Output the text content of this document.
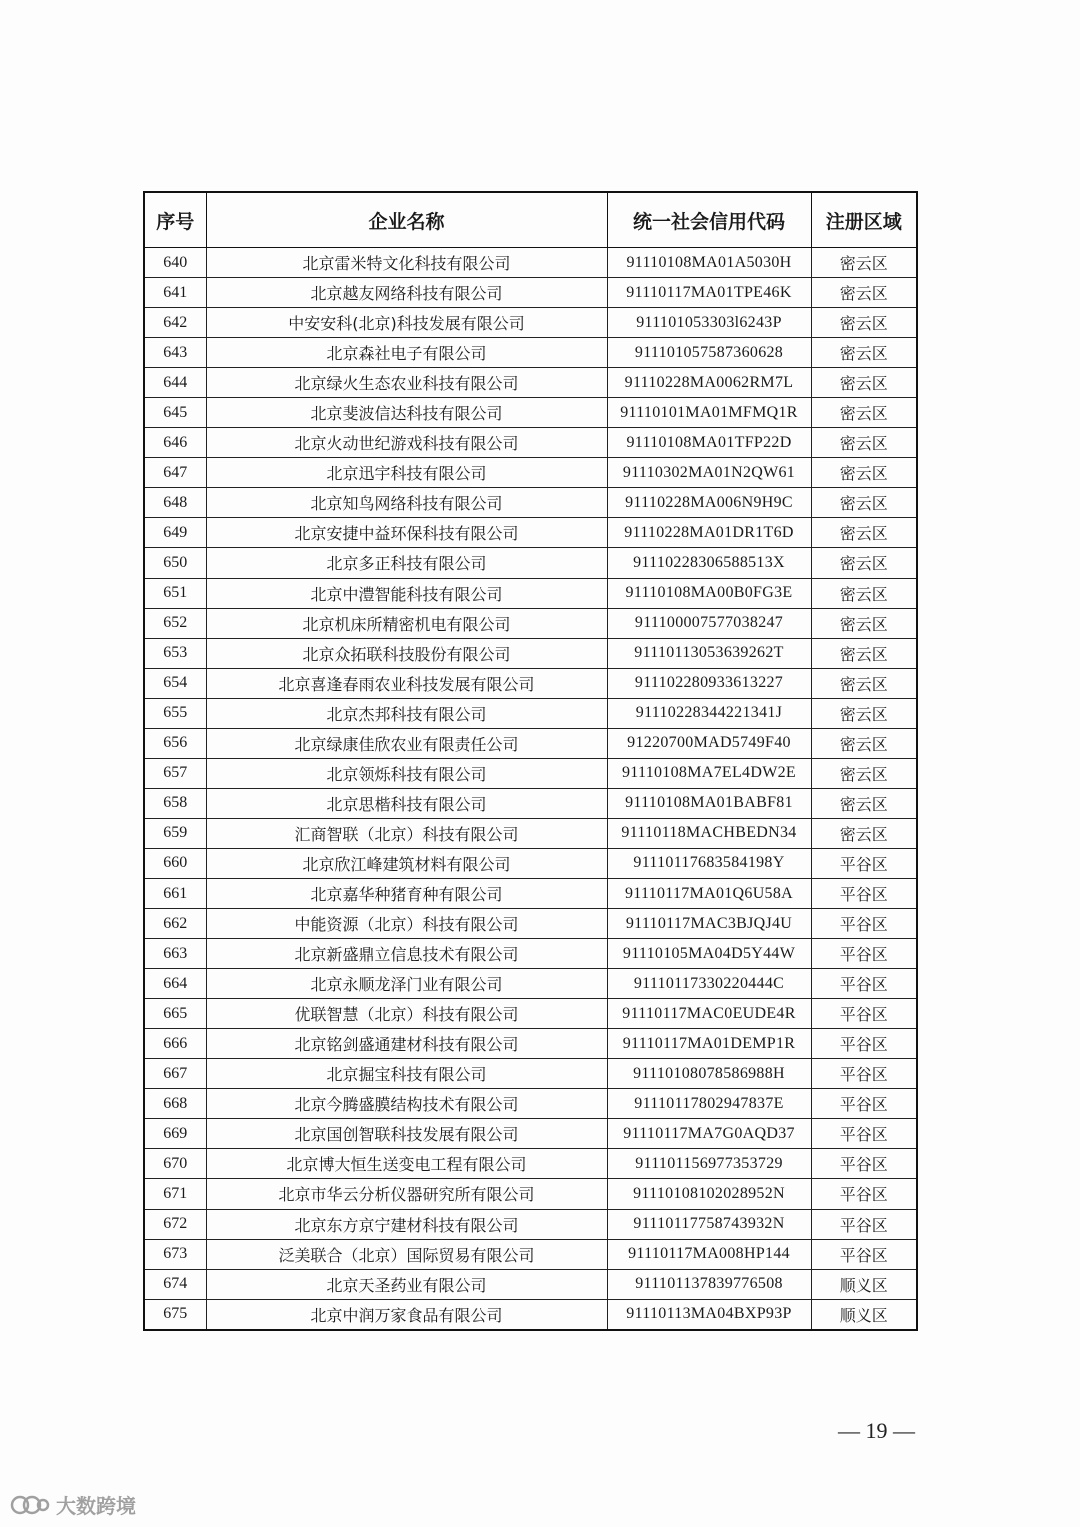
序号	企业名称	统一社会信用代码	注册区域
640	北京雷米特文化科技有限公司	91110108MA01A5030H	密云区
641	北京越友网络科技有限公司	91110117MA01TPE46K	密云区
642	中安安科(北京)科技发展有限公司	911101053303l6243P	密云区
643	北京森社电子有限公司	911101057587360628	密云区
644	北京绿火生态农业科技有限公司	91110228MA0062RM7L	密云区
645	北京斐波信达科技有限公司	91110101MA01MFMQ1R	密云区
646	北京火动世纪游戏科技有限公司	91110108MA01TFP22D	密云区
647	北京迅宇科技有限公司	91110302MA01N2QW61	密云区
648	北京知鸟网络科技有限公司	91110228MA006N9H9C	密云区
649	北京安捷中益环保科技有限公司	91110228MA01DR1T6D	密云区
650	北京多正科技有限公司	9111022830658851​3X	密云区
651	北京中澧智能科技有限公司	91110108MA00B0FG3E	密云区
652	北京机床所精密机电有限公司	911100007577038247	密云区
653	北京众拓联科技股份有限公司	91110113053639262T	密云区
654	北京喜逢春雨农业科技发展有限公司	911102280933613227	密云区
655	北京杰邦科技有限公司	91110228344221341J	密云区
656	北京绿康佳欣农业有限责任公司	91220700MAD5749F40	密云区
657	北京领烁科技有限公司	91110108MA7EL4DW2E	密云区
658	北京思楷科技有限公司	91110108MA01BABF81	密云区
659	汇商智联（北京）科技有限公司	91110118MACHBEDN34	密云区
660	北京欣江峰建筑材料有限公司	91110117683584198Y	平谷区
661	北京嘉华种猪育种有限公司	91110117MA01Q6U58A	平谷区
662	中能资源（北京）科技有限公司	91110117MAC3BJQJ4U	平谷区
663	北京新盛鼎立信息技术有限公司	91110105MA04D5Y44W	平谷区
664	北京永顺龙泽门业有限公司	91110117330220444C	平谷区
665	优联智慧（北京）科技有限公司	91110117MAC0EUDE4R	平谷区
666	北京铭剑盛通建材科技有限公司	91110117MA01DEMP1R	平谷区
667	北京掘宝科技有限公司	91110108078586988H	平谷区
668	北京今腾盛膜结构技术有限公司	91110117802947837E	平谷区
669	北京国创智联科技发展有限公司	91110117MA7G0AQD37	平谷区
670	北京博大恒生送变电工程有限公司	911101156977353729	平谷区
671	北京市华云分析仪器研究所有限公司	91110108102028952N	平谷区
672	北京东方京宁建材科技有限公司	91110117758743932N	平谷区
673	泛美联合（北京）国际贸易有限公司	91110117MA008HP144	平谷区
674	北京天圣药业有限公司	911101137839776508	顺义区
675	北京中润万家食品有限公司	91110113MA04BXP93P	顺义区
— 19 —
大数跨境
